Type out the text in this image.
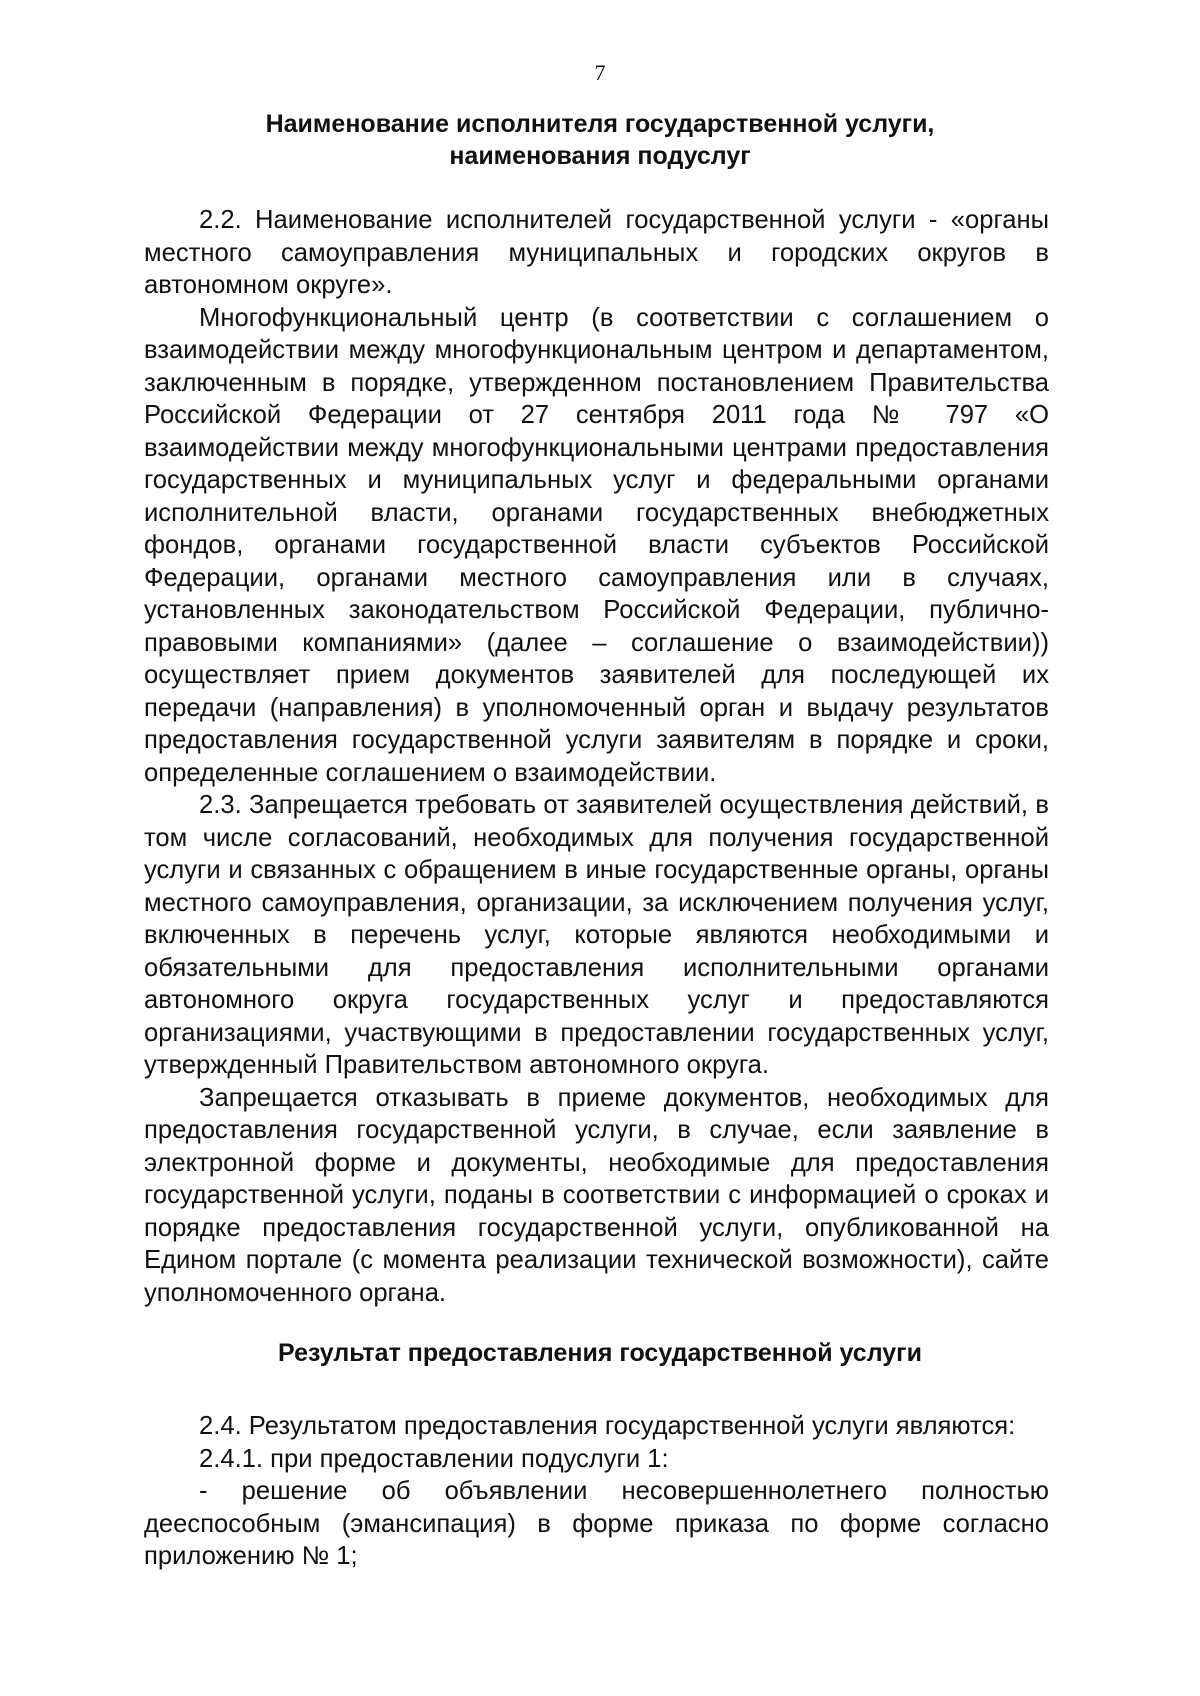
7
Наименование исполнителя государственной услуги,
наименования подуслуг

2.2. Наименование исполнителей государственной услуги - «органы местного самоуправления муниципальных и городских округов в автономном округе».

Многофункциональный центр (в соответствии с соглашением о взаимодействии между многофункциональным центром и департаментом, заключенным в порядке, утвержденном постановлением Правительства Российской Федерации от 27 сентября 2011 года № 797 «О взаимодействии между многофункциональными центрами предоставления государственных и муниципальных услуг и федеральными органами исполнительной власти, органами государственных внебюджетных фондов, органами государственной власти субъектов Российской Федерации, органами местного самоуправления или в случаях, установленных законодательством Российской Федерации, публично-правовыми компаниями» (далее – соглашение о взаимодействии)) осуществляет прием документов заявителей для последующей их передачи (направления) в уполномоченный орган и выдачу результатов предоставления государственной услуги заявителям в порядке и сроки, определенные соглашением о взаимодействии.

2.3. Запрещается требовать от заявителей осуществления действий, в том числе согласований, необходимых для получения государственной услуги и связанных с обращением в иные государственные органы, органы местного самоуправления, организации, за исключением получения услуг, включенных в перечень услуг, которые являются необходимыми и обязательными для предоставления исполнительными органами автономного округа государственных услуг и предоставляются организациями, участвующими в предоставлении государственных услуг, утвержденный Правительством автономного округа.

Запрещается отказывать в приеме документов, необходимых для предоставления государственной услуги, в случае, если заявление в электронной форме и документы, необходимые для предоставления государственной услуги, поданы в соответствии с информацией о сроках и порядке предоставления государственной услуги, опубликованной на Едином портале (с момента реализации технической возможности), сайте уполномоченного органа.

Результат предоставления государственной услуги

2.4. Результатом предоставления государственной услуги являются:

2.4.1. при предоставлении подуслуги 1:

- решение об объявлении несовершеннолетнего полностью дееспособным (эмансипация) в форме приказа по форме согласно приложению № 1;
